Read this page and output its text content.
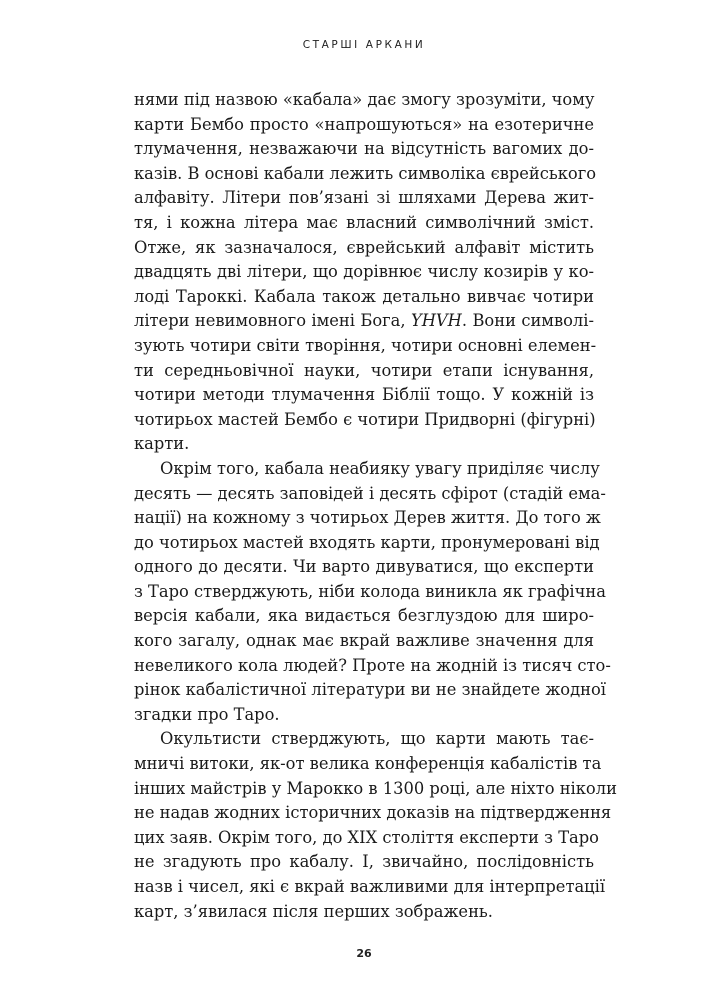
СТАРШІ АРКАНИ
нями під назвою «кабала» дає змогу зрозуміти, чому
карти Бембо просто «напрошуються» на езотеричне
тлумачення, незважаючи на відсутність вагомих до-
казів. В основі кабали лежить символіка єврейського
алфавіту. Літери пов’язані зі шляхами Дерева жит-
тя, і кожна літера має власний символічний зміст.
Отже, як зазначалося, єврейський алфавіт містить
двадцять дві літери, що дорівнює числу козирів у ко-
лоді Тароккі. Кабала також детально вивчає чотири
літери невимовного імені Бога, YHVH. Вони символі-
зують чотири світи творіння, чотири основні елемен-
ти середньовічної науки, чотири етапи існування,
чотири методи тлумачення Біблії тощо. У кожній із
чотирьох мастей Бембо є чотири Придворні (фігурні)
карти.
Окрім того, кабала неабияку увагу приділяє числу
десять — десять заповідей і десять сфірот (стадій ема-
нації) на кожному з чотирьох Дерев життя. До того ж
до чотирьох мастей входять карти, пронумеровані від
одного до десяти. Чи варто дивуватися, що експерти
з Таро стверджують, ніби колода виникла як графічна
версія кабали, яка видається безглуздою для широ-
кого загалу, однак має вкрай важливе значення для
невеликого кола людей? Проте на жодній із тисяч сто-
рінок кабалістичної літератури ви не знайдете жодної
згадки про Таро.
Окультисти стверджують, що карти мають тає-
мничі витоки, як-от велика конференція кабалістів та
інших майстрів у Марокко в 1300 році, але ніхто ніколи
не надав жодних історичних доказів на підтвердження
цих заяв. Окрім того, до XIX століття експерти з Таро
не згадують про кабалу. І, звичайно, послідовність
назв і чисел, які є вкрай важливими для інтерпретації
карт, з’явилася після перших зображень.
26
